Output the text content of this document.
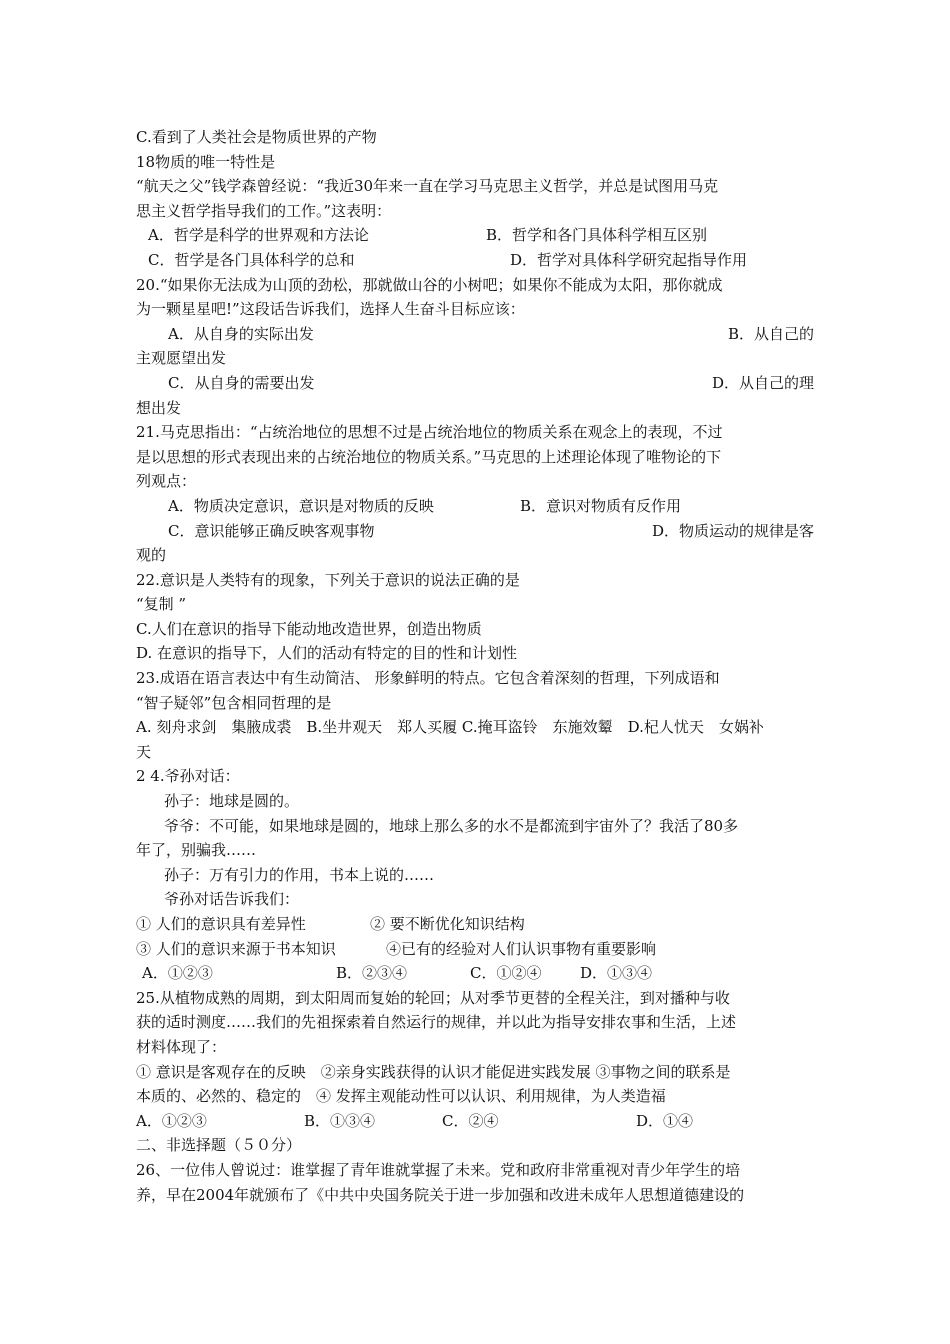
C.看到了人类社会是物质世界的产物
18物质的唯一特性是
“航天之父”钱学森曾经说：“我近30年来一直在学习马克思主义哲学，并总是试图用马克
思主义哲学指导我们的工作。”这表明：
A．哲学是科学的世界观和方法论	B．哲学和各门具体科学相互区别
C．哲学是各门具体科学的总和	D．哲学对具体科学研究起指导作用
20.“如果你无法成为山顶的劲松，那就做山谷的小树吧；如果你不能成为太阳，那你就成
为一颗星星吧!”这段话告诉我们，选择人生奋斗目标应该：
A．从自身的实际出发	B．从自己的
主观愿望出发
C．从自身的需要出发	D．从自己的理
想出发
21.马克思指出：“占统治地位的思想不过是占统治地位的物质关系在观念上的表现，不过
是以思想的形式表现出来的占统治地位的物质关系。”马克思的上述理论体现了唯物论的下
列观点：
A．物质决定意识，意识是对物质的反映	B．意识对物质有反作用
C．意识能够正确反映客观事物	D．物质运动的规律是客
观的
22.意识是人类特有的现象，下列关于意识的说法正确的是
“复制 ”
C.人们在意识的指导下能动地改造世界，创造出物质
D. 在意识的指导下，人们的活动有特定的目的性和计划性
23.成语在语言表达中有生动简洁、 形象鲜明的特点。它包含着深刻的哲理，下列成语和
“智子疑邻”包含相同哲理的是
A. 刻舟求剑　集腋成裘　B.坐井观天　郑人买履 C.掩耳盗铃　东施效颦　D.杞人忧天　女娲补
天
2 4.爷孙对话：
孙子：地球是圆的。
爷爷：不可能，如果地球是圆的，地球上那么多的水不是都流到宇宙外了？我活了80多
年了，别骗我……
孙子：万有引力的作用，书本上说的……
爷孙对话告诉我们：
① 人们的意识具有差异性	② 要不断优化知识结构
③ 人们的意识来源于书本知识	④已有的经验对人们认识事物有重要影响
A．①②③	B．②③④	C．①②④	D．①③④
25.从植物成熟的周期，到太阳周而复始的轮回；从对季节更替的全程关注，到对播种与收
获的适时测度……我们的先祖探索着自然运行的规律，并以此为指导安排农事和生活，上述
材料体现了：
① 意识是客观存在的反映　②亲身实践获得的认识才能促进实践发展 ③事物之间的联系是
本质的、必然的、稳定的　④ 发挥主观能动性可以认识、利用规律，为人类造福
A．①②③	B．①③④	C．②④	D．①④
二、非选择题（５０分）
26、一位伟人曾说过：谁掌握了青年谁就掌握了未来。党和政府非常重视对青少年学生的培
养，早在2004年就颁布了《中共中央国务院关于进一步加强和改进未成年人思想道德建设的
